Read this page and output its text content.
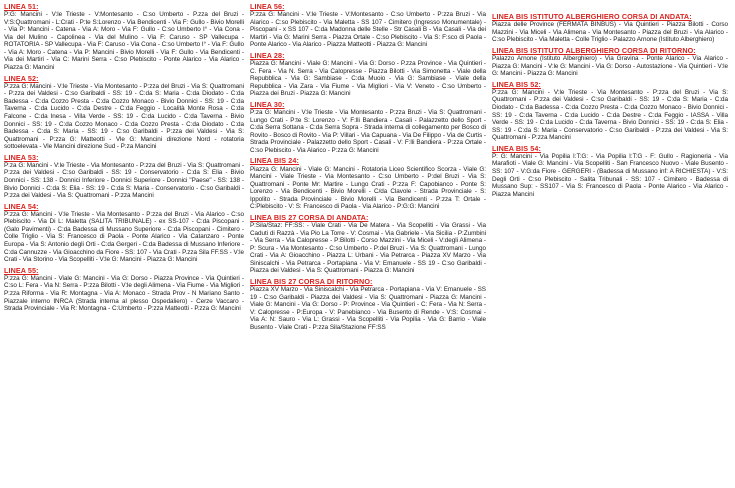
LINEA 51:

P:G: Mancini - V:le Trieste - V:Montesanto - C:so Umberto - P.zza del Bruzi - V:S:Quattromani - L:Crati - P:te S:Lorenzo - Via Bendicenti - Via F: Gullo - Bivio Morelli - Via P: Mancini - Catena - Via A: Moro - Via F: Gullo - C:so Umberto I° - Via Cona - Via del Mulino - Capolinea - Via del Mulino - Via F: Caruso - SP Vallecupa - ROTATORIA - SP Vallecupa - Via F: Caruso - Via Cona - C:so Umberto I° - Via F: Gullo - Via A: Moro - Catena - Via P: Mancini - Bivio Morelli - Via F: Gullo - Via Bendicenti - Via dei Martiri - Via C: Marini Serra - C:so Plebiscito - Ponte Alarico - Via Alarico - Piazza G: Mancini

LINEA 52:

P:zza G: Mancini - V:le Trieste - Via Montesanto - P:zza del Bruzi - Via S: Quattromani - P:zza dei Valdesi - C:so Garibaldi - SS: 19 - C:da S: Maria - C:da Diodato - C:da Badessa - C:da Cozzo Presta - C:da Cozzo Monaco - Bivio Donnici - SS: 19 - C:da Taverna - C:da Lucido - C:da Destre - C:da Feggio - Località Monte Rosa - C:da Falcone - C:da Inesa - Villa Verde - SS: 19 - C:da Lucido - C:da Taverna - Bivio Donnici - SS: 19 - C:da Cozzo Monaco - C:da Cozzo Presta - C:da Diodato - C:da Badessa - C:da S: Maria - SS: 19 - C:so Garibaldi - P:zza dei Valdesi - Via S: Quattromani - P:zza G: Matteotti - Vle G: Mancini direzione Nord - rotatoria sottoelevata - Vle Mancini direzione Sud - P:za Mancini

LINEA 53:

P:za G: Mancini - V:le Trieste - Via Montesanto - P:zza del Bruzi - Via S: Quattromani - P:zza dei Valdesi - C:so Garibaldi - SS: 19 - Conservatorio - C:da S: Elia - Bivio Donnici - SS: 138 - Donnici Inferiore - Donnici Superiore - Donnici "Paese" - SS: 138 - Bivio Donnici - C:da S: Elia - SS: 19 - C:da S: Maria - Conservatorio - C:so Garibaldi - P:zza dei Valdesi - Via S: Quattromani - P:zza Mancini

LINEA 54:

P:zza G: Mancini - V:le Trieste - Via Montesanto - P:zza del Bruzi - Via Alarico - C:so Plebiscito - Via Di L: Maletta (SALITA TRIBUNALE) - ex SS-107 - C:da Piscopani - (Galo Pavimenti) - C:da Badessa di Mussano Superiore - C:da Piscopani - Cimitero - Colle Triglio - Via S: Francesco di Paola - Ponte Alarico - Via Catanzaro - Ponte Europa - Via S: Antonio degli Orti - C:da Gergeri - C:da Badessa di Mussano Inferiore - C:da Cannuzze - Via Gioacchino da Fiore - SS: 107 - Via Crati - P.zza Sila FF.SS - V:le Crati - Via Storino - Via Scopelliti - V:le G: Mancini - Piazza G: Mancini

LINEA 55:

P:zza G: Mancini - Viale G: Mancini - Via G: Dorso - Piazza Province - Via Quintieri - C:so L: Fera - Via N: Serra - P:zza Bilotti - V:le degli Alimena - Via Fiume - Via Migliori - P:zza Riforma - Via R: Montagna - Via A: Monaco - Strada Prov - N Mariano Santo - Piazzale interno INRCA (Strada interna al plesso Ospedaliero) - Cerze Vaccaro - Strada Provinciale - Via R: Montagna - C:Umberto - P:zza Matteotti - P.zza G: Mancini

LINEA 56:

P:zza G: Mancini - V:le Trieste - V:Montesanto - C:so Umberto - P:zza Bruzi - Via Alarico - C:so Plebiscito - Via Maletta - SS 107 - Cimitero (Ingresso Monumentale) - Piscopani - x SS 107 - C:da Madonna delle Stelle - Str Casali B - Via Casali - Via dei Martiri - Via G: Marini Serra - Piazza Ortale - C:so Plebiscito - Via S: F:sco di Paola - Ponte Alarico - Via Alarico - Piazza Matteotti - Piazza G: Mancini

LINEA 28:

Piazza G: Mancini - Viale G: Mancini - Via G: Dorso - P.zza Province - Via Quintieri - C. Fera - Via N. Serra - Via Calopresse - Piazza Bilotti - Via Simonetta - Viale della Repubblica - Via G: Sambiase - C:da Muoio - Via G: Sambiase - Viale della Repubblica - Via Zara - Via Fiume - Via Migliori - Via V: Veneto - C:so Umberto - Piazza dei Bruzi - Piazza G: Mancini

LINEA 30:

P:za G: Mancini - V:le Trieste - Via Montesanto - P:zza Bruzi - Via S: Quattromani - Lungo Crati - P:te S: Lorenzo - V: F:lli Bandiera - Casali - Palazzetto dello Sport - C:da Serra Sottana - C:da Serra Sopra - Strada interna di collegamento per Bosco di Rovito - Bosco di Rovito - Via P: Villari - Via Capuana - Via De Filippo - Via de Curtis - Strada Provinciale - Palazzetto dello Sport - Casali - V: F:lli Bandiera - P:zza Ortale - C:so Plebiscito - Via Alarico - P:zza G: Mancini

LINEA BIS 24:

Piazza G: Mancini - Viale G: Mancini - Rotatoria Liceo Scientifico Scorza - Viale G: Mancini - Viale Trieste - Via Montesanto - C:so Umberto - P:del Bruzi - Via S: Quattromani - Ponte Mr: Martire - Lungo Crati - P:zza F: Capobianco - Ponte S: Lorenzo - Via Bendicenti - Bivio Morelli - C/da Clavole - Strada Provinciale - S: Ippolito - Strada Provinciale - Bivio Morelli - Via Bendicenti - P:zza T: Ortale - C:Plebiscito - V: S: Francesco di Paola - Via Alarico - P:G:G: Mancini

LINEA BIS 27 CORSA DI ANDATA:

P:Sila/Staz: FF:SS: - Viale Crati - Via De Matera - Via Scopelliti - Via Grassi - Via Caduti di Razzà - Via Pio La Torre - V: Cosmai - Via Gabriele - Via Sicilia - P:Zumbini - Via Serra - Via Calopresse - P:Bilotti - Corso Mazzini - Via Miceli - V:degli Alimena - P: Scura - Via Montesanto - C:so Umberto - P:del Bruzi - Via S: Quattromani - Lungo Crati - Via A: Gioacchino - Piazza L: Urbani - Via Petrarca - Piazza XV Marzo - Via Siniscalchi - Via Petrarca - Portapiana - Via V: Emanuele - SS 19 - C:so Garibaldi - Piazza dei Valdesi - Via S: Quattromani - Piazza G: Mancini

LINEA BIS 27 CORSA DI RITORNO:

Piazza XV Marzo - Via Siniscalchi - Via Petrarca - Portapiana - Via V: Emanuele - SS 19 - C:so Garibaldi - Piazza dei Valdesi - Via S: Quattromani - Piazza G: Mancini - Viale G: Mancini - Via G: Dorso - P: Province - Via Quintieri - C: Fera - Via N: Serra - V: Calopresse - P:Europa - V: Panebianco - Via Busento di Rende - V:S: Cosmai - Via A: N: Sauro - Via L: Grassi - Via Scopelliti - Via Popilia - Via G: Barrio - Viale Busento - Viale Crati - P:zza Sila/Stazione FF:SS

LINEA BIS ISTITUTO ALBERGHIERO CORSA DI ANDATA:

Piazza delle Province (FERMATA BINBUS) - Via Quintieri - Piazza Bilotti - Corso Mazzini - Via Miceli - Via Alimena - Via Montesanto - Piazza del Bruzi - Via Alarico - C:so Plebiscito - Via Maletta - Colle Triglio - Palazzo Arnone (Istituto Alberghiero)

LINEA BIS ISTITUTO ALBERGHIERO CORSA DI RITORNO:

Palazzo Arnone (Istituto Alberghiero) - Via Gravina - Ponte Alarico - Via Alarico - Piazza G: Mancini - V:le G: Mancini - Via G: Dorso - Autostazione - Via Quintieri - V:le G: Mancini - Piazza G: Mancini

LINEA BIS 52:

P:zza G: Mancini - V:le Trieste - Via Montesanto - P:zza del Bruzi - Via S: Quattromani - P:zza dei Valdesi - C:so Garibaldi - SS: 19 - C:da S: Maria - C:da Diodato - C:da Badessa - C:da Cozzo Presta - C:da Cozzo Monaco - Bivio Donnici - SS: 19 - C:da Taverna - C:da Lucido - C:da Destre - C:da Feggio - IASSA - Villa Verde - SS: 19 - C:da Lucido - C:da Taverna - Bivio Donnici - SS: 19 - C:da S: Elia - SS: 19 - C:da S: Maria - Conservatorio - C:so Garibaldi - P:zza dei Valdesi - Via S: Quattromani - P:zza Mancini

LINEA BIS 54:

P: G: Mancini - Via Popilia I:T:G: - Via Popilia I:T:G - F: Gullo - Ragioneria - Via Marafioti - Viale G: Mancini - Via Scopelliti - San Francesco Nuovo - Viale Busento - SS: 107 - V:G:da Fiore - GERGERI - (Badessa di Mussano inf: A RICHIESTA) - V:S: Degli Orti - C:so Plebiscito - Salita Tribunali - SS: 107 - Cimitero - Badessa di Mussano Sup: - SS107 - Via S: Francesco di Paola - Ponte Alarico - Via Alarico - Piazza Mancini
